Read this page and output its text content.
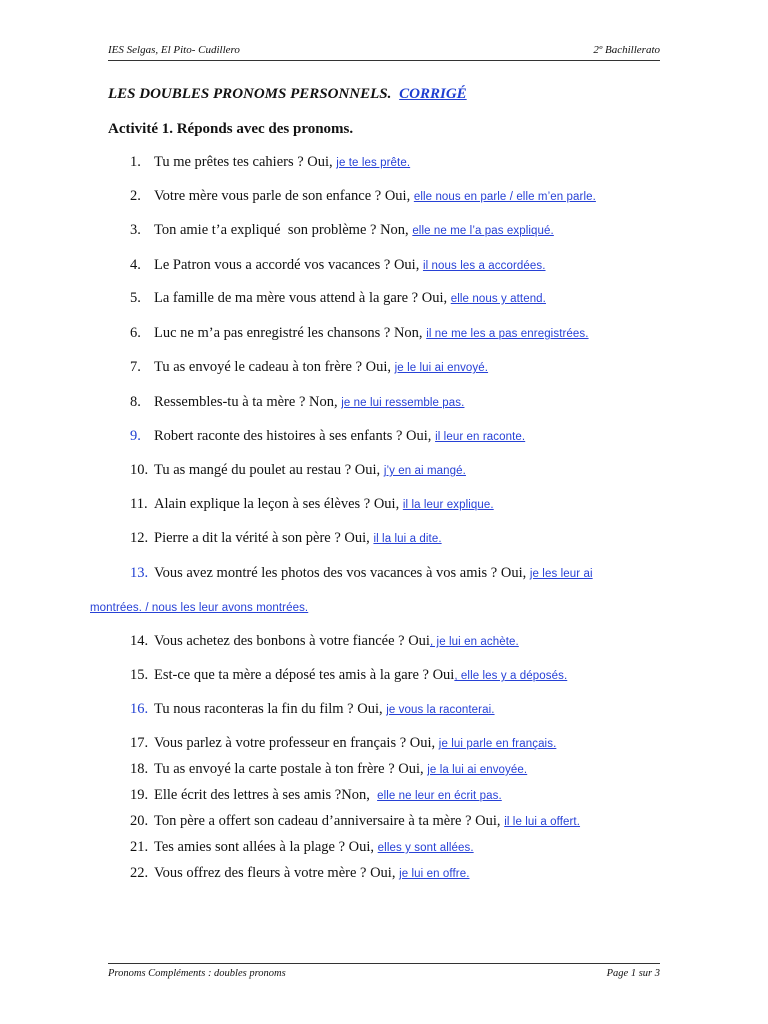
IES Selgas, El Pito- Cudillero	2º Bachillerato
LES DOUBLES PRONOMS PERSONNELS. CORRIGÉ
Activité 1. Réponds avec des pronoms.
1. Tu me prêtes tes cahiers ? Oui, je te les prête.
2. Votre mère vous parle de son enfance ? Oui, elle nous en parle / elle m’en parle.
3. Ton amie t’a expliqué  son problème ? Non, elle ne me l’a pas expliqué.
4. Le Patron vous a accordé vos vacances ? Oui, il nous les a accordées.
5. La famille de ma mère vous attend à la gare ? Oui, elle nous y attend.
6. Luc ne m’a pas enregistré les chansons ? Non, il ne me les a pas enregistrées.
7. Tu as envoyé le cadeau à ton frère ? Oui, je le lui ai envoyé.
8. Ressembles-tu à ta mère ? Non, je ne lui ressemble pas.
9. Robert raconte des histoires à ses enfants ? Oui, il leur en raconte.
10. Tu as mangé du poulet au restau ? Oui, j’y en ai mangé.
11. Alain explique la leçon à ses élèves ? Oui, il la leur explique.
12. Pierre a dit la vérité à son père ? Oui, il la lui a dite.
13. Vous avez montré les photos des vos vacances à vos amis ? Oui, je les leur ai
14. Vous achetez des bonbons à votre fiancée ? Oui, je lui en achète.
15. Est-ce que ta mère a déposé tes amis à la gare ? Oui, elle les y a déposés.
16. Tu nous raconteras la fin du film ? Oui, je vous la raconterai.
17. Vous parlez à votre professeur en français ? Oui, je lui parle en français.
18. Tu as envoyé la carte postale à ton frère ? Oui, je la lui ai envoyée.
19. Elle écrit des lettres à ses amis ?Non,  elle ne leur en écrit pas.
20. Ton père a offert son cadeau d’anniversaire à ta mère ? Oui, il le lui a offert.
21. Tes amies sont allées à la plage ? Oui, elles y sont allées.
22. Vous offrez des fleurs à votre mère ? Oui, je lui en offre.
montrées. / nous les leur avons montrées.
Pronoms Compléments : doubles pronoms	Page 1 sur 3
